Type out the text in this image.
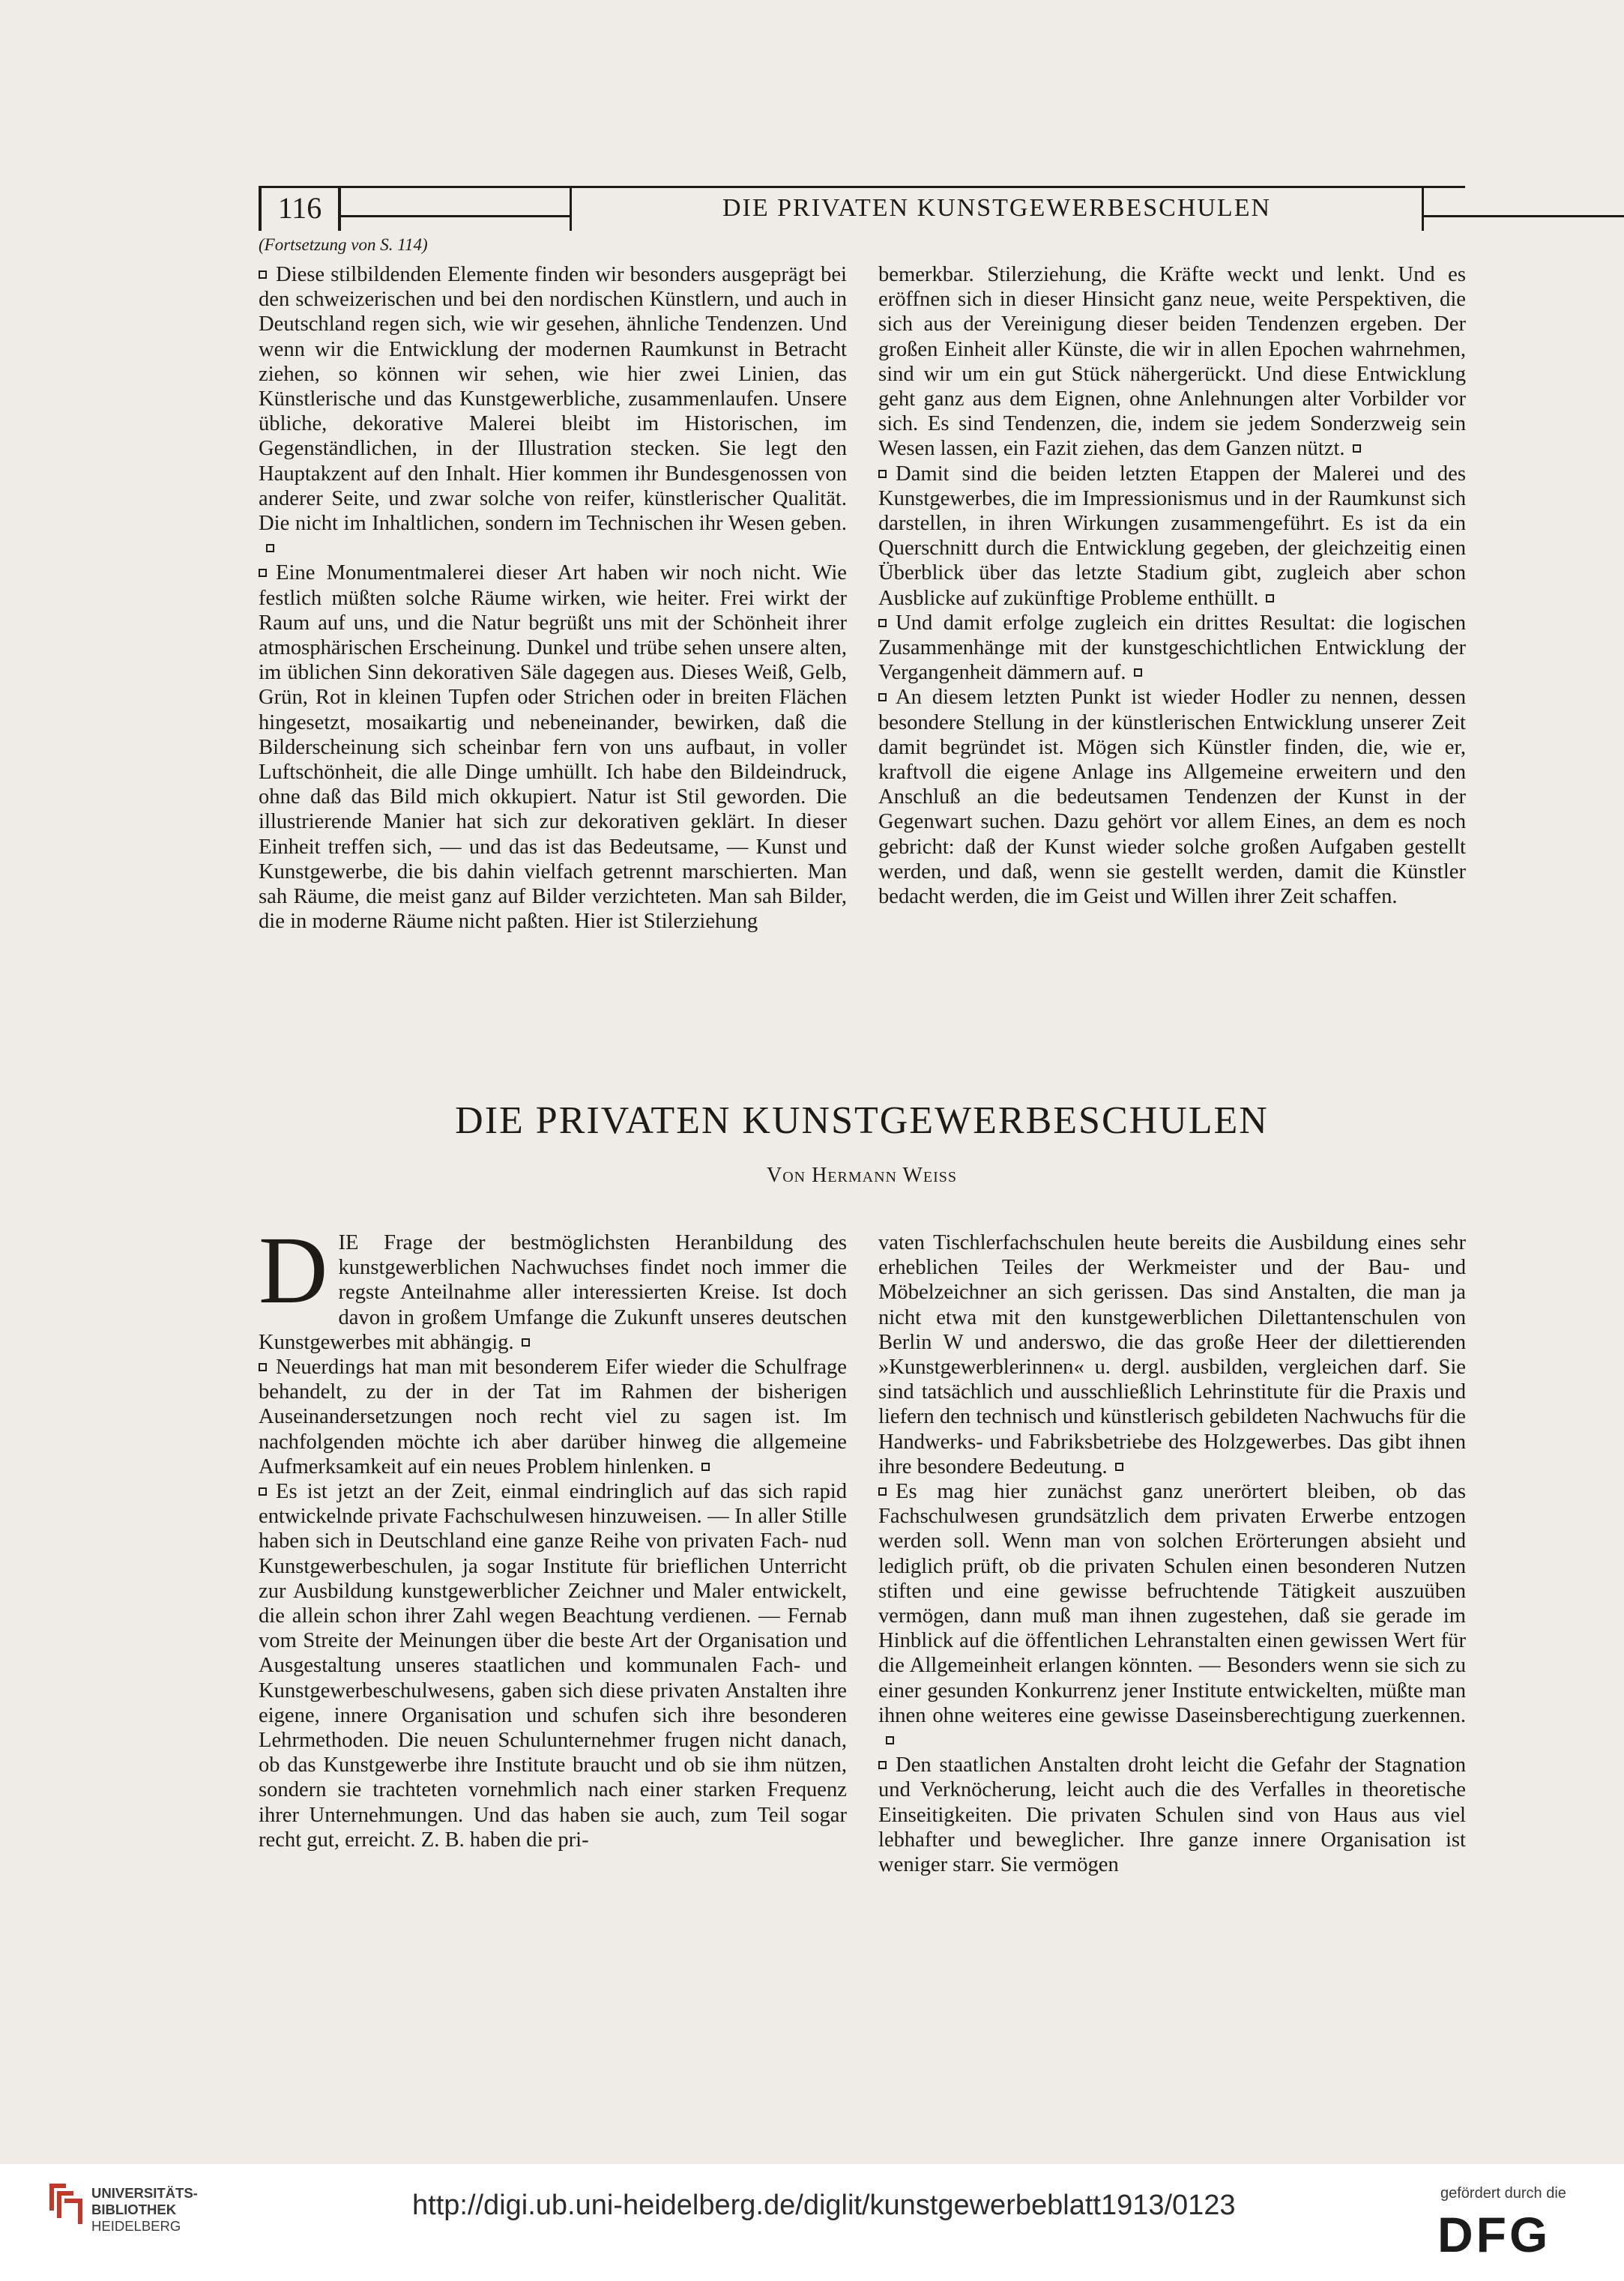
116	DIE PRIVATEN KUNSTGEWERBESCHULEN
(Fortsetzung von S. 114)

Diese stilbildenden Elemente finden wir besonders ausgeprägt bei den schweizerischen und bei den nordischen Künstlern, und auch in Deutschland regen sich, wie wir gesehen, ähnliche Tendenzen. Und wenn wir die Entwicklung der modernen Raumkunst in Betracht ziehen, so können wir sehen, wie hier zwei Linien, das Künstlerische und das Kunstgewerbliche, zusammenlaufen. Unsere übliche, dekorative Malerei bleibt im Historischen, im Gegenständlichen, in der Illustration stecken. Sie legt den Hauptakzent auf den Inhalt. Hier kommen ihr Bundesgenossen von anderer Seite, und zwar solche von reifer, künstlerischer Qualität. Die nicht im Inhaltlichen, sondern im Technischen ihr Wesen geben.

Eine Monumentmalerei dieser Art haben wir noch nicht. Wie festlich müßten solche Räume wirken, wie heiter. Frei wirkt der Raum auf uns, und die Natur begrüßt uns mit der Schönheit ihrer atmosphärischen Erscheinung. Dunkel und trübe sehen unsere alten, im üblichen Sinn dekorativen Säle dagegen aus. Dieses Weiß, Gelb, Grün, Rot in kleinen Tupfen oder Strichen oder in breiten Flächen hingesetzt, mosaikartig und nebeneinander, bewirken, daß die Bilderscheinung sich scheinbar fern von uns aufbaut, in voller Luftschönheit, die alle Dinge umhüllt. Ich habe den Bildeindruck, ohne daß das Bild mich okkupiert. Natur ist Stil geworden. Die illustrierende Manier hat sich zur dekorativen geklärt. In dieser Einheit treffen sich, — und das ist das Bedeutsame, — Kunst und Kunstgewerbe, die bis dahin vielfach getrennt marschierten. Man sah Räume, die meist ganz auf Bilder verzichteten. Man sah Bilder, die in moderne Räume nicht paßten. Hier ist Stilerziehung

bemerkbar. Stilerziehung, die Kräfte weckt und lenkt. Und es eröffnen sich in dieser Hinsicht ganz neue, weite Perspektiven, die sich aus der Vereinigung dieser beiden Tendenzen ergeben. Der großen Einheit aller Künste, die wir in allen Epochen wahrnehmen, sind wir um ein gut Stück nähergerückt. Und diese Entwicklung geht ganz aus dem Eignen, ohne Anlehnungen alter Vorbilder vor sich. Es sind Tendenzen, die, indem sie jedem Sonderzweig sein Wesen lassen, ein Fazit ziehen, das dem Ganzen nützt.

Damit sind die beiden letzten Etappen der Malerei und des Kunstgewerbes, die im Impressionismus und in der Raumkunst sich darstellen, in ihren Wirkungen zusammengeführt. Es ist da ein Querschnitt durch die Entwicklung gegeben, der gleichzeitig einen Überblick über das letzte Stadium gibt, zugleich aber schon Ausblicke auf zukünftige Probleme enthüllt.

Und damit erfolge zugleich ein drittes Resultat: die logischen Zusammenhänge mit der kunstgeschichtlichen Entwicklung der Vergangenheit dämmern auf.

An diesem letzten Punkt ist wieder Hodler zu nennen, dessen besondere Stellung in der künstlerischen Entwicklung unserer Zeit damit begründet ist. Mögen sich Künstler finden, die, wie er, kraftvoll die eigene Anlage ins Allgemeine erweitern und den Anschluß an die bedeutsamen Tendenzen der Kunst in der Gegenwart suchen. Dazu gehört vor allem Eines, an dem es noch gebricht: daß der Kunst wieder solche großen Aufgaben gestellt werden, und daß, wenn sie gestellt werden, damit die Künstler bedacht werden, die im Geist und Willen ihrer Zeit schaffen.

DIE PRIVATEN KUNSTGEWERBESCHULEN
Von Hermann Weiss

DIE Frage der bestmöglichsten Heranbildung des kunstgewerblichen Nachwuchses findet noch immer die regste Anteilnahme aller interessierten Kreise. Ist doch davon in großem Umfange die Zukunft unseres deutschen Kunstgewerbes mit abhängig.

Neuerdings hat man mit besonderem Eifer wieder die Schulfrage behandelt, zu der in der Tat im Rahmen der bisherigen Auseinandersetzungen noch recht viel zu sagen ist. Im nachfolgenden möchte ich aber darüber hinweg die allgemeine Aufmerksamkeit auf ein neues Problem hinlenken.

Es ist jetzt an der Zeit, einmal eindringlich auf das sich rapid entwickelnde private Fachschulwesen hinzuweisen. — In aller Stille haben sich in Deutschland eine ganze Reihe von privaten Fach- nud Kunstgewerbeschulen, ja sogar Institute für brieflichen Unterricht zur Ausbildung kunstgewerblicher Zeichner und Maler entwickelt, die allein schon ihrer Zahl wegen Beachtung verdienen. — Fernab vom Streite der Meinungen über die beste Art der Organisation und Ausgestaltung unseres staatlichen und kommunalen Fach- und Kunstgewerbeschulwesens, gaben sich diese privaten Anstalten ihre eigene, innere Organisation und schufen sich ihre besonderen Lehrmethoden. Die neuen Schulunternehmer frugen nicht danach, ob das Kunstgewerbe ihre Institute braucht und ob sie ihm nützen, sondern sie trachteten vornehmlich nach einer starken Frequenz ihrer Unternehmungen. Und das haben sie auch, zum Teil sogar recht gut, erreicht. Z. B. haben die pri-

vaten Tischlerfachschulen heute bereits die Ausbildung eines sehr erheblichen Teiles der Werkmeister und der Bau- und Möbelzeichner an sich gerissen. Das sind Anstalten, die man ja nicht etwa mit den kunstgewerblichen Dilettantenschulen von Berlin W und anderswo, die das große Heer der dilettierenden »Kunstgewerblerinnen« u. dergl. ausbilden, vergleichen darf. Sie sind tatsächlich und ausschließlich Lehrinstitute für die Praxis und liefern den technisch und künstlerisch gebildeten Nachwuchs für die Handwerks- und Fabriksbetriebe des Holzgewerbes. Das gibt ihnen ihre besondere Bedeutung.

Es mag hier zunächst ganz unerörtert bleiben, ob das Fachschulwesen grundsätzlich dem privaten Erwerbe entzogen werden soll. Wenn man von solchen Erörterungen absieht und lediglich prüft, ob die privaten Schulen einen besonderen Nutzen stiften und eine gewisse befruchtende Tätigkeit auszuüben vermögen, dann muß man ihnen zugestehen, daß sie gerade im Hinblick auf die öffentlichen Lehranstalten einen gewissen Wert für die Allgemeinheit erlangen könnten. — Besonders wenn sie sich zu einer gesunden Konkurrenz jener Institute entwickelten, müßte man ihnen ohne weiteres eine gewisse Daseinsberechtigung zuerkennen.

Den staatlichen Anstalten droht leicht die Gefahr der Stagnation und Verknöcherung, leicht auch die des Verfalles in theoretische Einseitigkeiten. Die privaten Schulen sind von Haus aus viel lebhafter und beweglicher. Ihre ganze innere Organisation ist weniger starr. Sie vermögen

UNIVERSITÄTS-
BIBLIOTHEK
HEIDELBERG
http://digi.ub.uni-heidelberg.de/diglit/kunstgewerbeblatt1913/0123	gefördert durch die
DFG
